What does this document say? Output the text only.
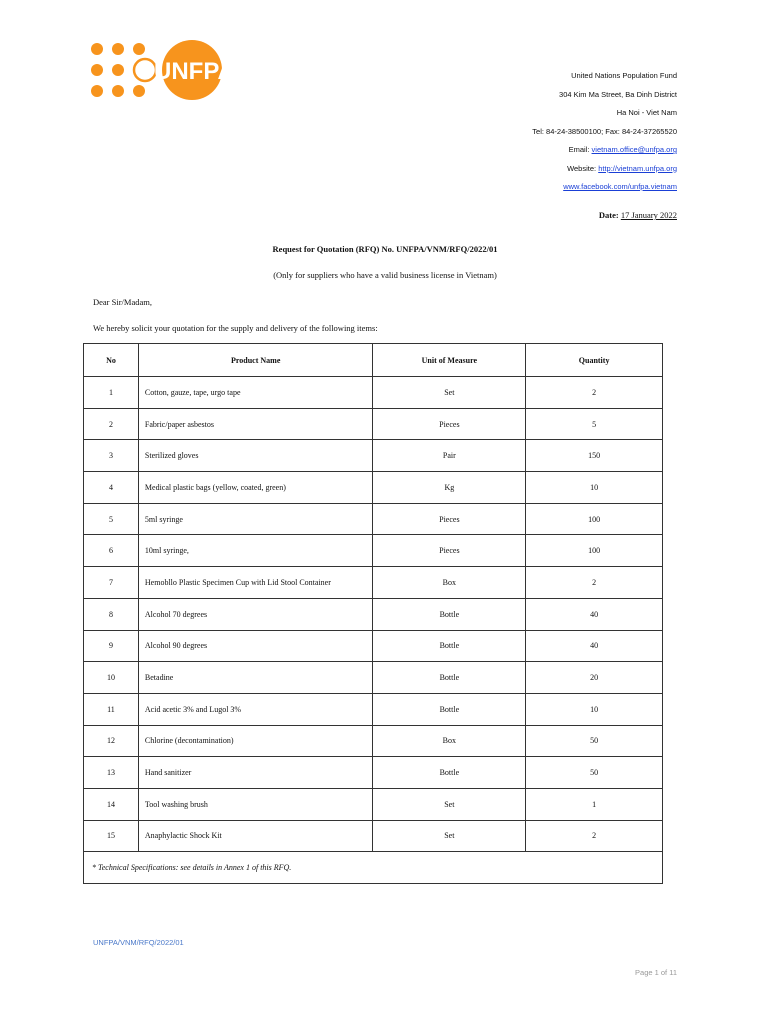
UNFPA	United Nations Population Fund
304 Kim Ma Street, Ba Dinh District
Ha Noi - Viet Nam
Tel: 84-24-38500100; Fax: 84-24-37265520
Email: vietnam.office@unfpa.org
Website: http://vietnam.unfpa.org
www.facebook.com/unfpa.vietnam
Date: 17 January 2022
Request for Quotation (RFQ) No. UNFPA/VNM/RFQ/2022/01
(Only for suppliers who have a valid business license in Vietnam)
Dear Sir/Madam,
We hereby solicit your quotation for the supply and delivery of the following items:
No	Product Name	Unit of Measure	Quantity
1	Cotton, gauze, tape, urgo tape	Set	2
2	Fabric/paper asbestos	Pieces	5
3	Sterilized gloves	Pair	150
4	Medical plastic bags (yellow, coated, green)	Kg	10
5	5ml syringe	Pieces	100
6	10ml syringe,	Pieces	100
7	Hemobllo Plastic Specimen Cup with Lid Stool Container	Box	2
8	Alcohol 70 degrees	Bottle	40
9	Alcohol 90 degrees	Bottle	40
10	Betadine	Bottle	20
11	Acid acetic 3% and Lugol 3%	Bottle	10
12	Chlorine (decontamination)	Box	50
13	Hand sanitizer	Bottle	50
14	Tool washing brush	Set	1
15	Anaphylactic Shock Kit	Set	2
* Technical Specifications: see details in Annex 1 of this RFQ.			
UNFPA/VNM/RFQ/2022/01
Page 1 of 11
